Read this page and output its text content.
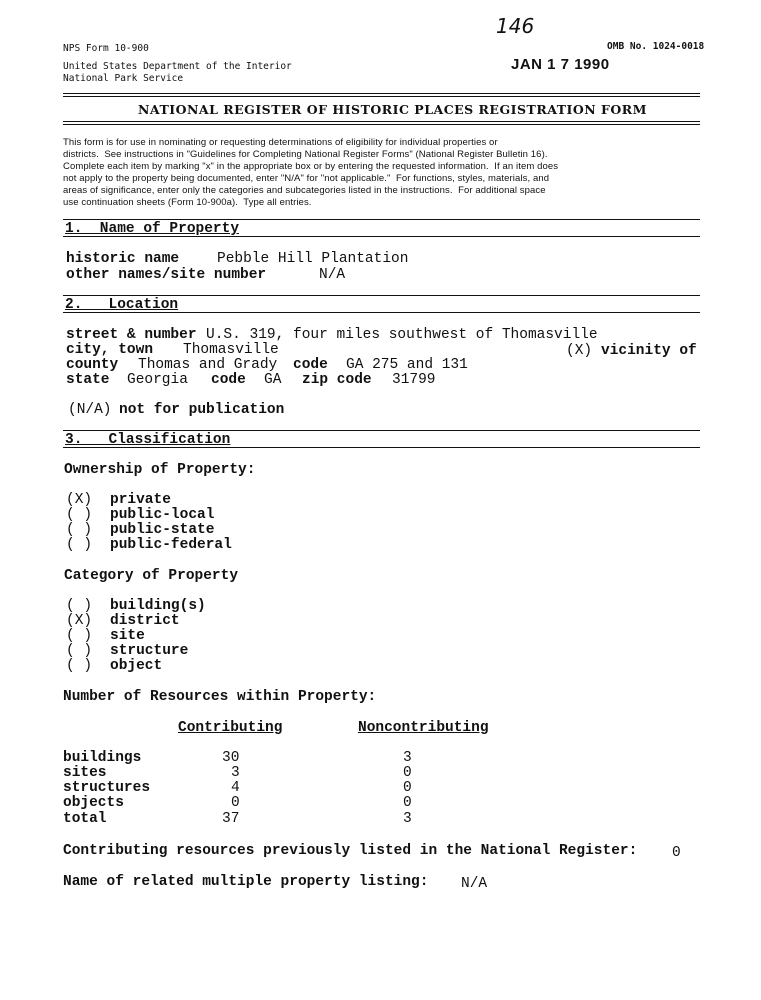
NPS Form 10-900
United States Department of the Interior
National Park Service
146
OMB No. 1024-0018
JAN 1 7 1990
NATIONAL REGISTER OF HISTORIC PLACES REGISTRATION FORM
This form is for use in nominating or requesting determinations of eligibility for individual properties or
districts.  See instructions in "Guidelines for Completing National Register Forms" (National Register Bulletin 16).
Complete each item by marking "x" in the appropriate box or by entering the requested information.  If an item does
not apply to the property being documented, enter "N/A" for "not applicable."  For functions, styles, materials, and
areas of significance, enter only the categories and subcategories listed in the instructions.  For additional space
use continuation sheets (Form 10-900a).  Type all entries.
1.  Name of Property
historic name	Pebble Hill Plantation
other names/site number	N/A
2.   Location
street & number U.S. 319, four miles southwest of Thomasville
city, town Thomasville	(X) vicinity of
county Thomas and Grady code GA 275 and 131
state Georgia code GA zip code 31799
(N/A) not for publication
3.   Classification
Ownership of Property:
(X) private
( ) public-local
( ) public-state
( ) public-federal
Category of Property
( ) building(s)
(X) district
( ) site
( ) structure
( ) object
Number of Resources within Property:
Contributing	Noncontributing
buildings	30	3
sites	3	0
structures	4	0
objects	0	0
total	37	3
Contributing resources previously listed in the National Register: 0
Name of related multiple property listing: N/A
